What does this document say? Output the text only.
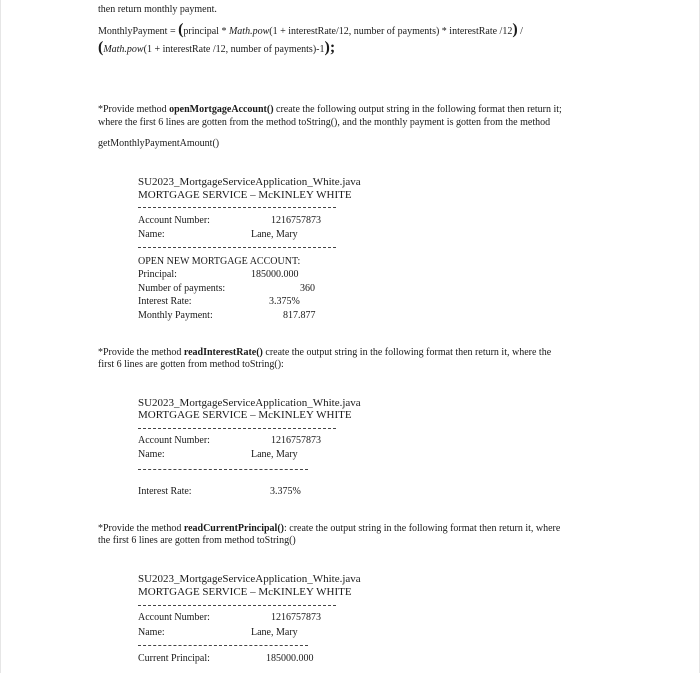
then return monthly payment.
MonthlyPayment = (principal * Math.pow(1 + interestRate/12, number of payments) * interestRate /12) /
(Math.pow(1 + interestRate /12, number of payments)-1);
*Provide method openMortgageAccount() create the following output string in the following format then return it;
where the first 6 lines are gotten from the method toString(), and the monthly payment is gotten from the method
getMonthlyPaymentAmount()
SU2023_MortgageServiceApplication_White.java
MORTGAGE SERVICE – McKINLEY WHITE
Account Number:	1216757873
Name:	Lane, Mary
OPEN NEW MORTGAGE ACCOUNT:
Principal:	185000.000
Number of payments:	360
Interest Rate:	3.375%
Monthly Payment:	817.877
*Provide the method readInterestRate() create the output string in the following format then return it, where the
first 6 lines are gotten from method toString():
SU2023_MortgageServiceApplication_White.java
MORTGAGE SERVICE – McKINLEY WHITE
Account Number:	1216757873
Name:	Lane, Mary
Interest Rate:	3.375%
*Provide the method readCurrentPrincipal(): create the output string in the following format then return it, where
the first 6 lines are gotten from method toString()
SU2023_MortgageServiceApplication_White.java
MORTGAGE SERVICE – McKINLEY WHITE
Account Number:	1216757873
Name:	Lane, Mary
Current Principal:	185000.000
